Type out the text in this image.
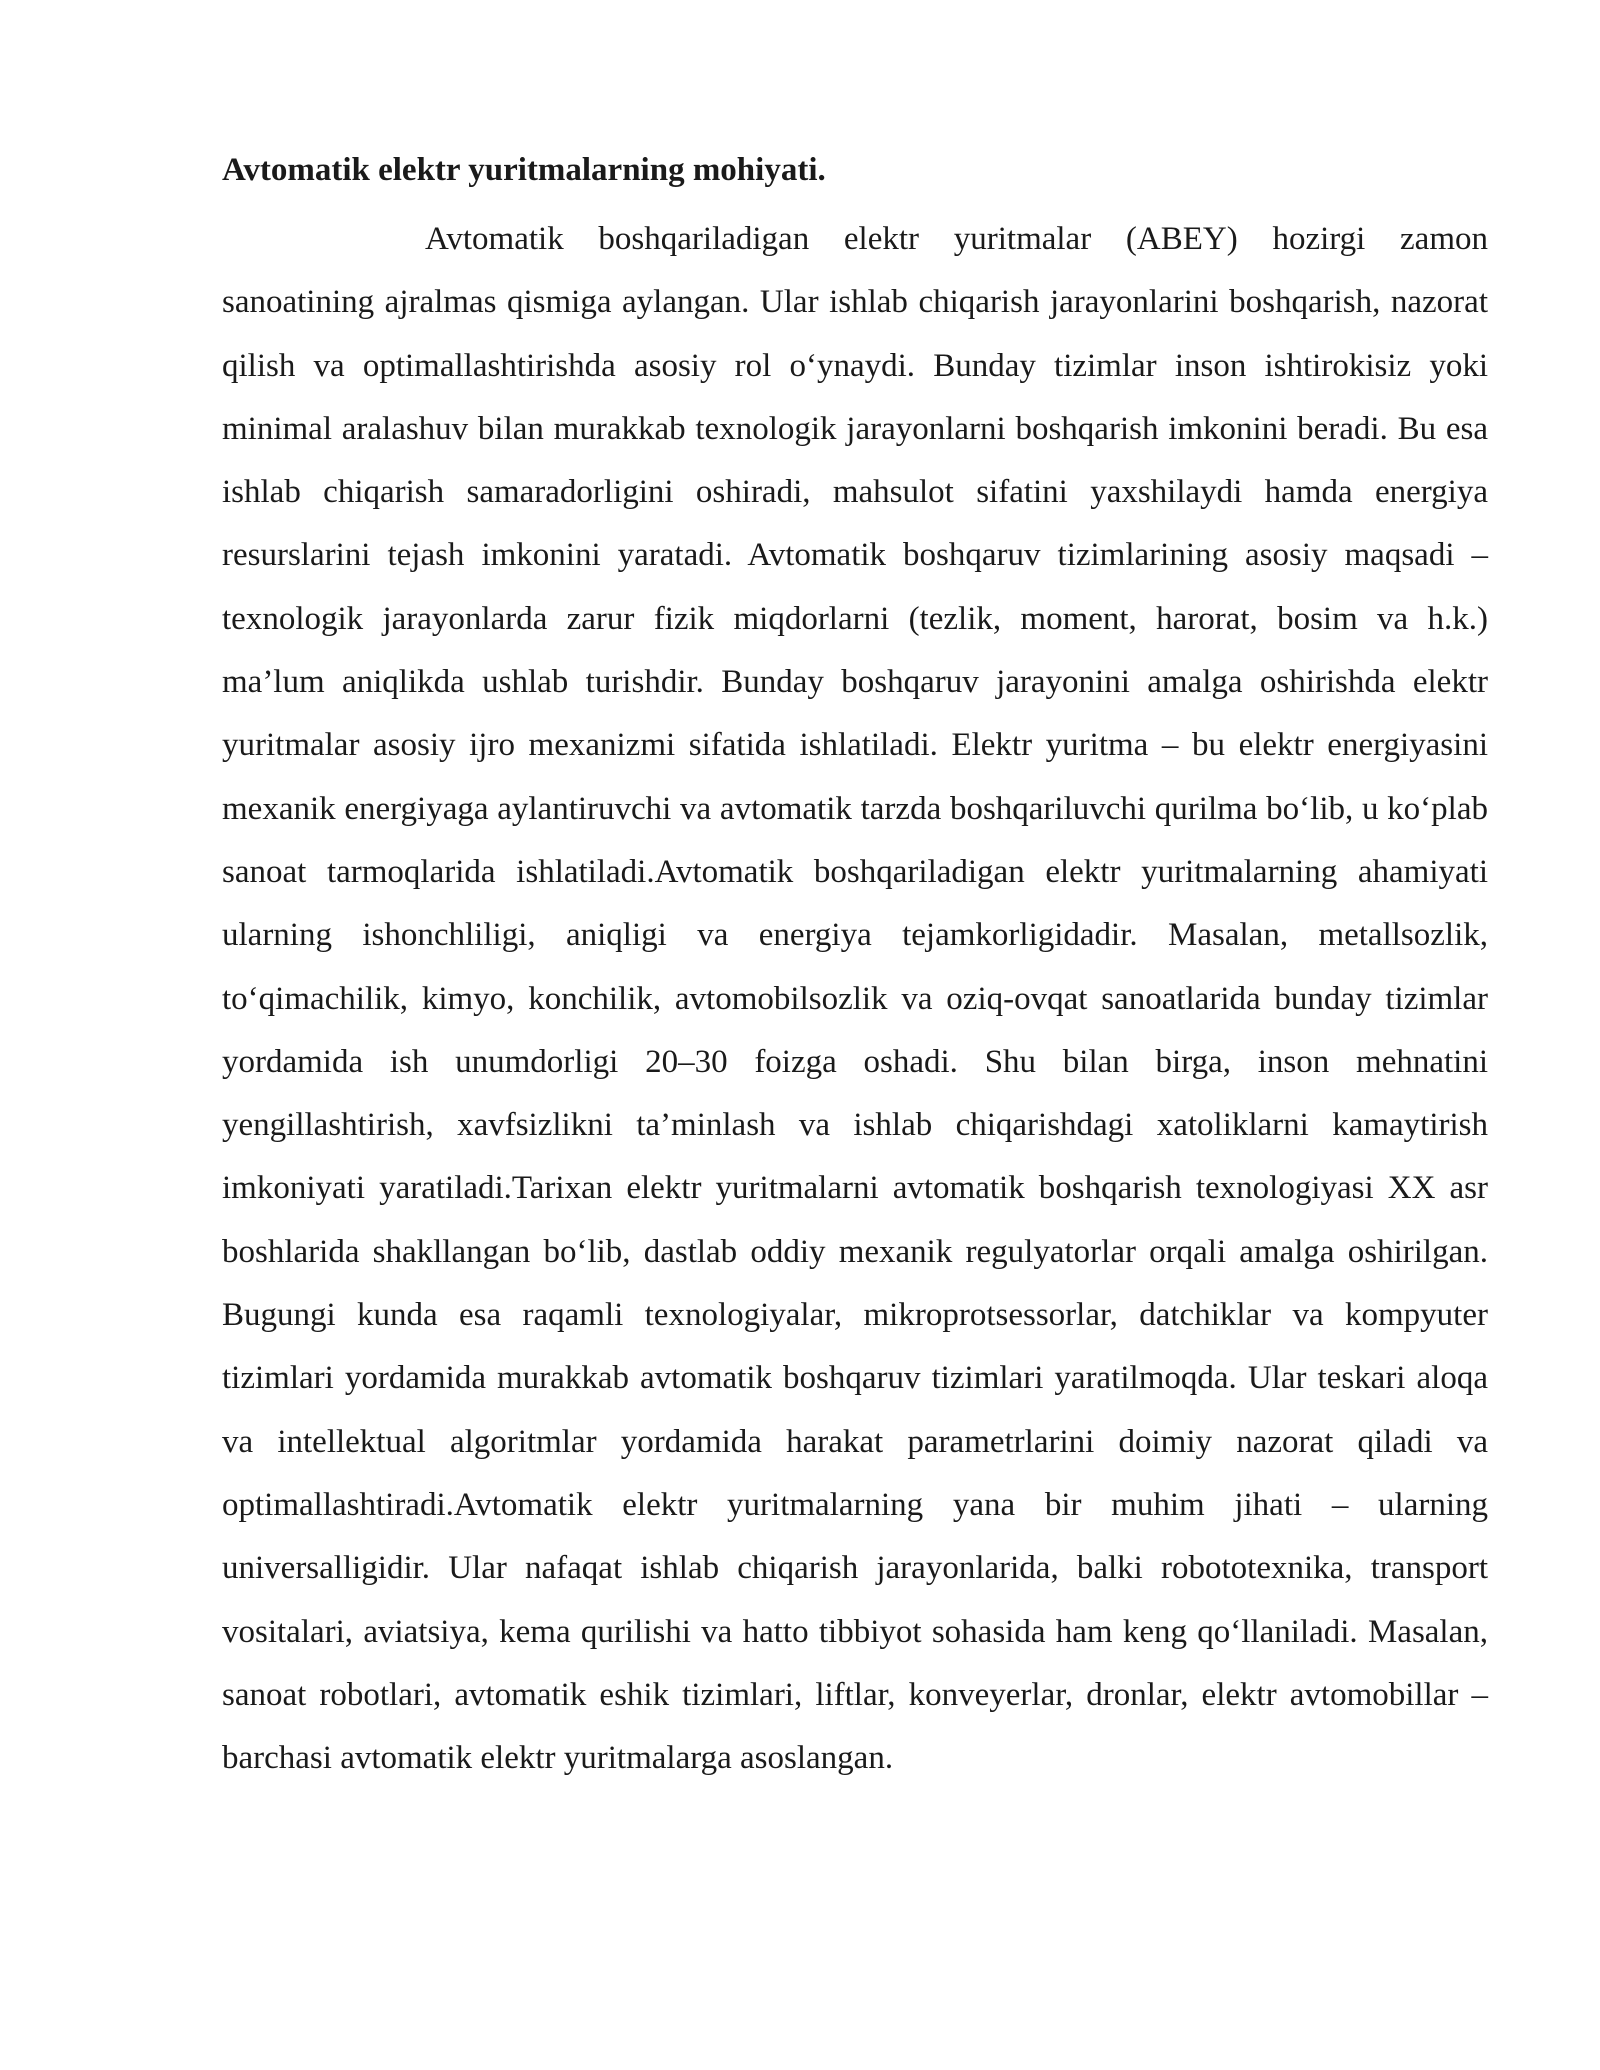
Avtomatik elektr yuritmalarning mohiyati.

Avtomatik boshqariladigan elektr yuritmalar (ABEY) hozirgi zamon sanoatining ajralmas qismiga aylangan. Ular ishlab chiqarish jarayonlarini boshqarish, nazorat qilish va optimallashtirishda asosiy rol o‘ynaydi. Bunday tizimlar inson ishtirokisiz yoki minimal aralashuv bilan murakkab texnologik jarayonlarni boshqarish imkonini beradi. Bu esa ishlab chiqarish samaradorligini oshiradi, mahsulot sifatini yaxshilaydi hamda energiya resurslarini tejash imkonini yaratadi. Avtomatik boshqaruv tizimlarining asosiy maqsadi – texnologik jarayonlarda zarur fizik miqdorlarni (tezlik, moment, harorat, bosim va h.k.) ma’lum aniqlikda ushlab turishdir. Bunday boshqaruv jarayonini amalga oshirishda elektr yuritmalar asosiy ijro mexanizmi sifatida ishlatiladi. Elektr yuritma – bu elektr energiyasini mexanik energiyaga aylantiruvchi va avtomatik tarzda boshqariluvchi qurilma bo‘lib, u ko‘plab sanoat tarmoqlarida ishlatiladi.Avtomatik boshqariladigan elektr yuritmalarning ahamiyati ularning ishonchliligi, aniqligi va energiya tejamkorligidadir. Masalan, metallsozlik, to‘qimachilik, kimyo, konchilik, avtomobilsozlik va oziq-ovqat sanoatlarida bunday tizimlar yordamida ish unumdorligi 20–30 foizga oshadi. Shu bilan birga, inson mehnatini yengillashtirish, xavfsizlikni ta’minlash va ishlab chiqarishdagi xatoliklarni kamaytirish imkoniyati yaratiladi.Tarixan elektr yuritmalarni avtomatik boshqarish texnologiyasi XX asr boshlarida shakllangan bo‘lib, dastlab oddiy mexanik regulyatorlar orqali amalga oshirilgan. Bugungi kunda esa raqamli texnologiyalar, mikroprotsessorlar, datchiklar va kompyuter tizimlari yordamida murakkab avtomatik boshqaruv tizimlari yaratilmoqda. Ular teskari aloqa va intellektual algoritmlar yordamida harakat parametrlarini doimiy nazorat qiladi va optimallashtiradi.Avtomatik elektr yuritmalarning yana bir muhim jihati – ularning universalligidir. Ular nafaqat ishlab chiqarish jarayonlarida, balki robototexnika, transport vositalari, aviatsiya, kema qurilishi va hatto tibbiyot sohasida ham keng qo‘llaniladi. Masalan, sanoat robotlari, avtomatik eshik tizimlari, liftlar, konveyerlar, dronlar, elektr avtomobillar – barchasi avtomatik elektr yuritmalarga asoslangan.
